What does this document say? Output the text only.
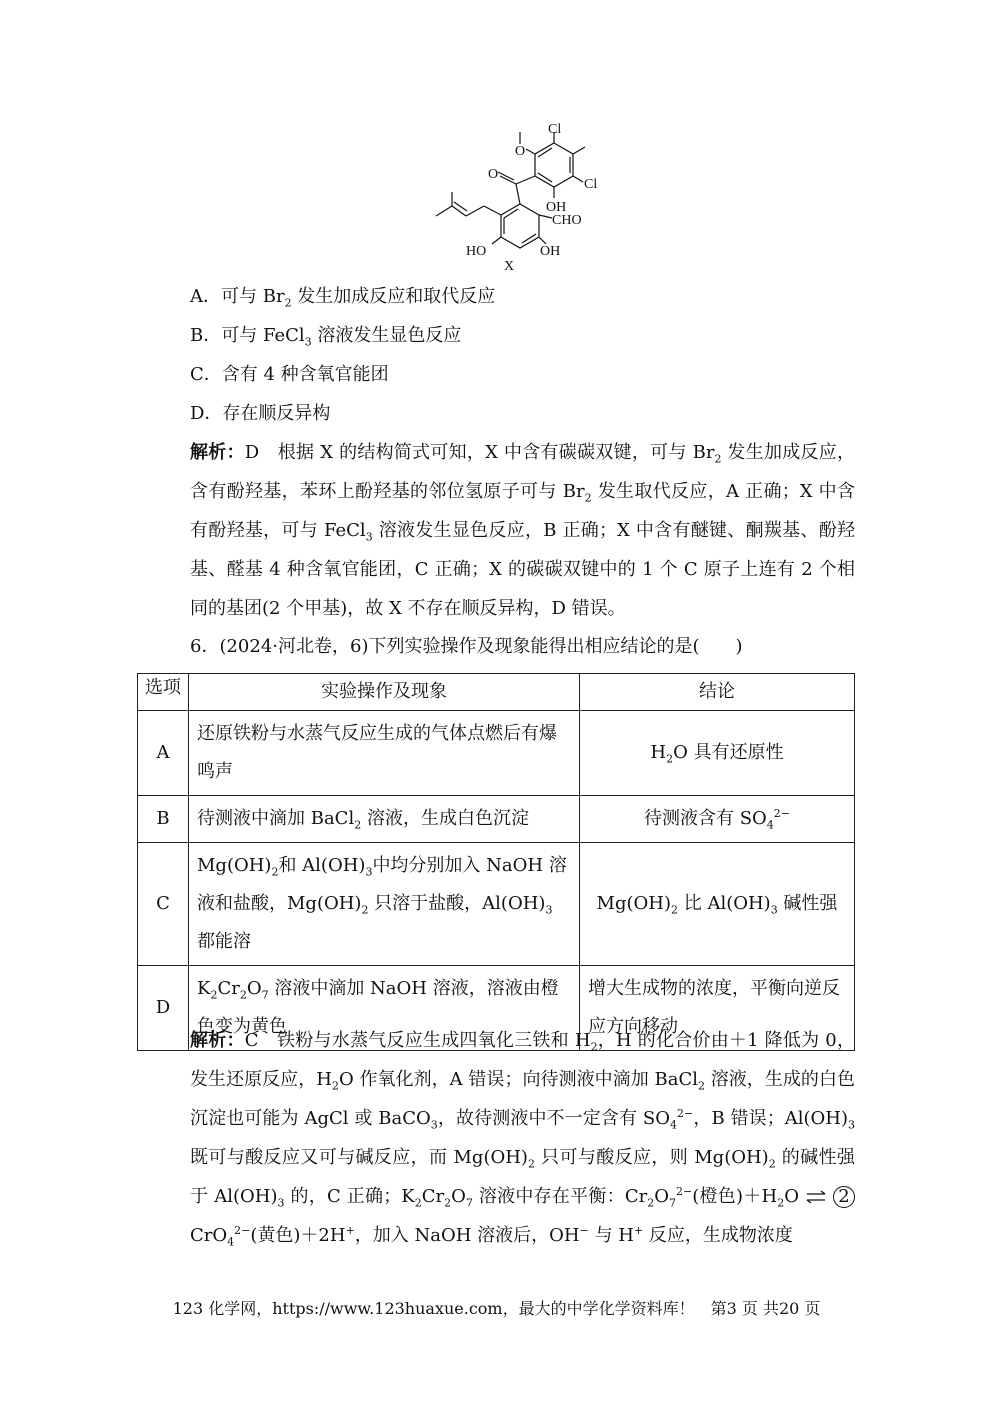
Cl
Cl
OH
CHO
HO	OH
O
O
X
A．可与 $Br_2$ 发生加成反应和取代反应
B．可与 FeCl$_3$ 溶液发生显色反应
C．含有 4 种含氧官能团
D．存在顺反异构

解析：D　根据 X 的结构简式可知，X 中含有碳碳双键，可与 $Br_2$ 发生加成反应，含有酚羟基，苯环上酚羟基的邻位氢原子可与 $Br_2$ 发生取代反应，A 正确；X 中含有酚羟基，可与 FeCl$_3$ 溶液发生显色反应，B 正确；X 中含有醚键、酮羰基、酚羟基、醛基 4 种含氧官能团，C 正确；X 的碳碳双键中的 1 个 C 原子上连有 2 个相同的基团(2 个甲基)，故 X 不存在顺反异构，D 错误。

6．(2024·河北卷，6)下列实验操作及现象能得出相应结论的是(　　)
选项	实验操作及现象	结论
A	还原铁粉与水蒸气反应生成的气体点燃后有爆鸣声	$H_2O$ 具有还原性
B	待测液中滴加 BaCl$_2$ 溶液，生成白色沉淀	待测液含有 $SO_4^{2-}$
C	$Mg(OH)_2$和 $Al(OH)_3$中均分别加入 NaOH 溶液和盐酸，$Mg(OH)_2$ 只溶于盐酸，$Al(OH)_3$ 都能溶	$Mg(OH)_2$ 比 $Al(OH)_3$ 碱性强
D	$K_2Cr_2O_7$ 溶液中滴加 NaOH 溶液，溶液由橙色变为黄色	增大生成物的浓度，平衡向逆反应方向移动

解析：C　铁粉与水蒸气反应生成四氧化三铁和 $H_2$，H 的化合价由＋1 降低为 0，发生还原反应，$H_2O$ 作氧化剂，A 错误；向待测液中滴加 BaCl$_2$ 溶液，生成的白色沉淀也可能为 AgCl 或 BaCO$_3$，故待测液中不一定含有 $SO_4^{2-}$，B 错误；$Al(OH)_3$ 既可与酸反应又可与碱反应，而 $Mg(OH)_2$ 只可与酸反应，则 $Mg(OH)_2$ 的碱性强于 $Al(OH)_3$ 的，C 正确；$K_2Cr_2O_7$ 溶液中存在平衡：$Cr_2O_7^{2-}$(橙色)$+H_2O$ ⇌ 2CrO$_4^{2-}$(黄色)＋2H+，加入 NaOH 溶液后，OH− 与 H+ 反应，生成物浓度

123 化学网，https://www.123huaxue.com，最大的中学化学资料库！　第3 页 共20 页
